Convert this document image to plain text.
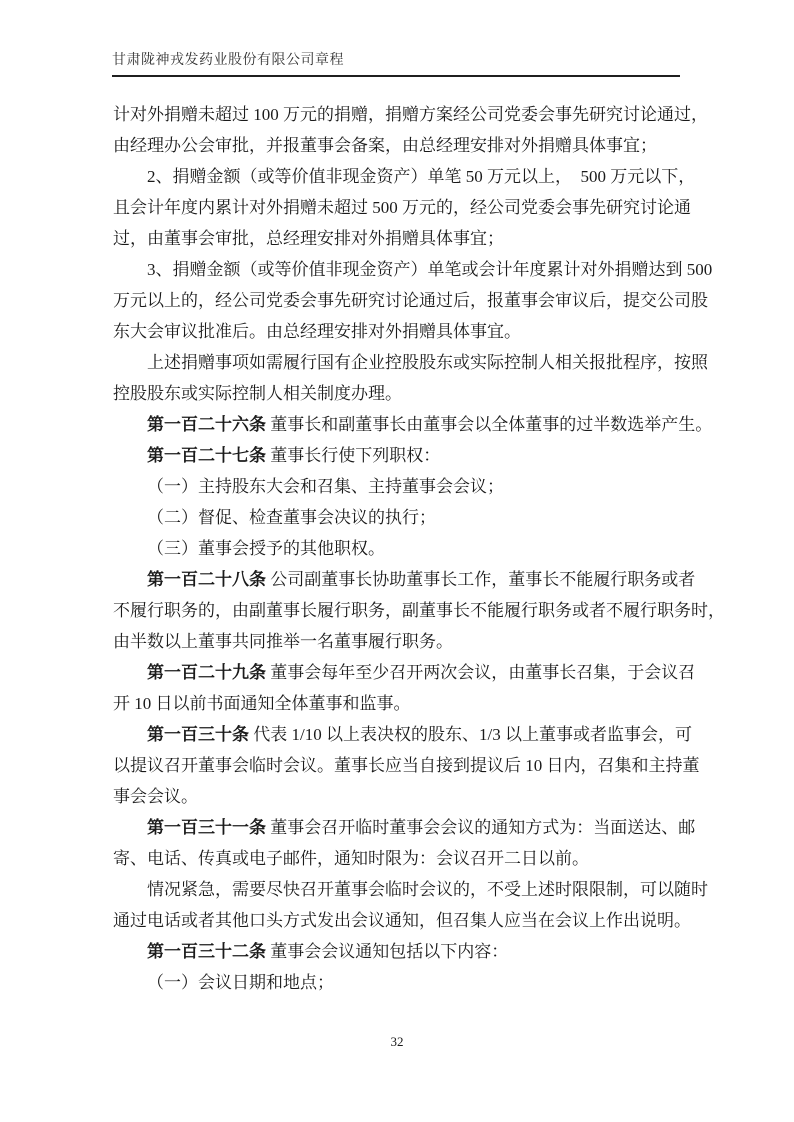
甘肃陇神戎发药业股份有限公司章程
计对外捐赠未超过 100 万元的捐赠，捐赠方案经公司党委会事先研究讨论通过，
由经理办公会审批，并报董事会备案，由总经理安排对外捐赠具体事宜；
2、捐赠金额（或等价值非现金资产）单笔 50 万元以上，  500 万元以下，
且会计年度内累计对外捐赠未超过 500 万元的，经公司党委会事先研究讨论通
过，由董事会审批，总经理安排对外捐赠具体事宜；
3、捐赠金额（或等价值非现金资产）单笔或会计年度累计对外捐赠达到 500
万元以上的，经公司党委会事先研究讨论通过后，报董事会审议后，提交公司股
东大会审议批准后。由总经理安排对外捐赠具体事宜。
上述捐赠事项如需履行国有企业控股股东或实际控制人相关报批程序，按照
控股股东或实际控制人相关制度办理。
第一百二十六条 董事长和副董事长由董事会以全体董事的过半数选举产生。
第一百二十七条 董事长行使下列职权：
（一）主持股东大会和召集、主持董事会会议；
（二）督促、检查董事会决议的执行；
（三）董事会授予的其他职权。
第一百二十八条 公司副董事长协助董事长工作，董事长不能履行职务或者
不履行职务的，由副董事长履行职务，副董事长不能履行职务或者不履行职务时，
由半数以上董事共同推举一名董事履行职务。
第一百二十九条 董事会每年至少召开两次会议，由董事长召集，于会议召
开 10 日以前书面通知全体董事和监事。
第一百三十条 代表 1/10 以上表决权的股东、1/3 以上董事或者监事会，可
以提议召开董事会临时会议。董事长应当自接到提议后 10 日内，召集和主持董
事会会议。
第一百三十一条 董事会召开临时董事会会议的通知方式为：当面送达、邮
寄、电话、传真或电子邮件，通知时限为：会议召开二日以前。
情况紧急，需要尽快召开董事会临时会议的，不受上述时限限制，可以随时
通过电话或者其他口头方式发出会议通知，但召集人应当在会议上作出说明。
第一百三十二条 董事会会议通知包括以下内容：
（一）会议日期和地点；
32
